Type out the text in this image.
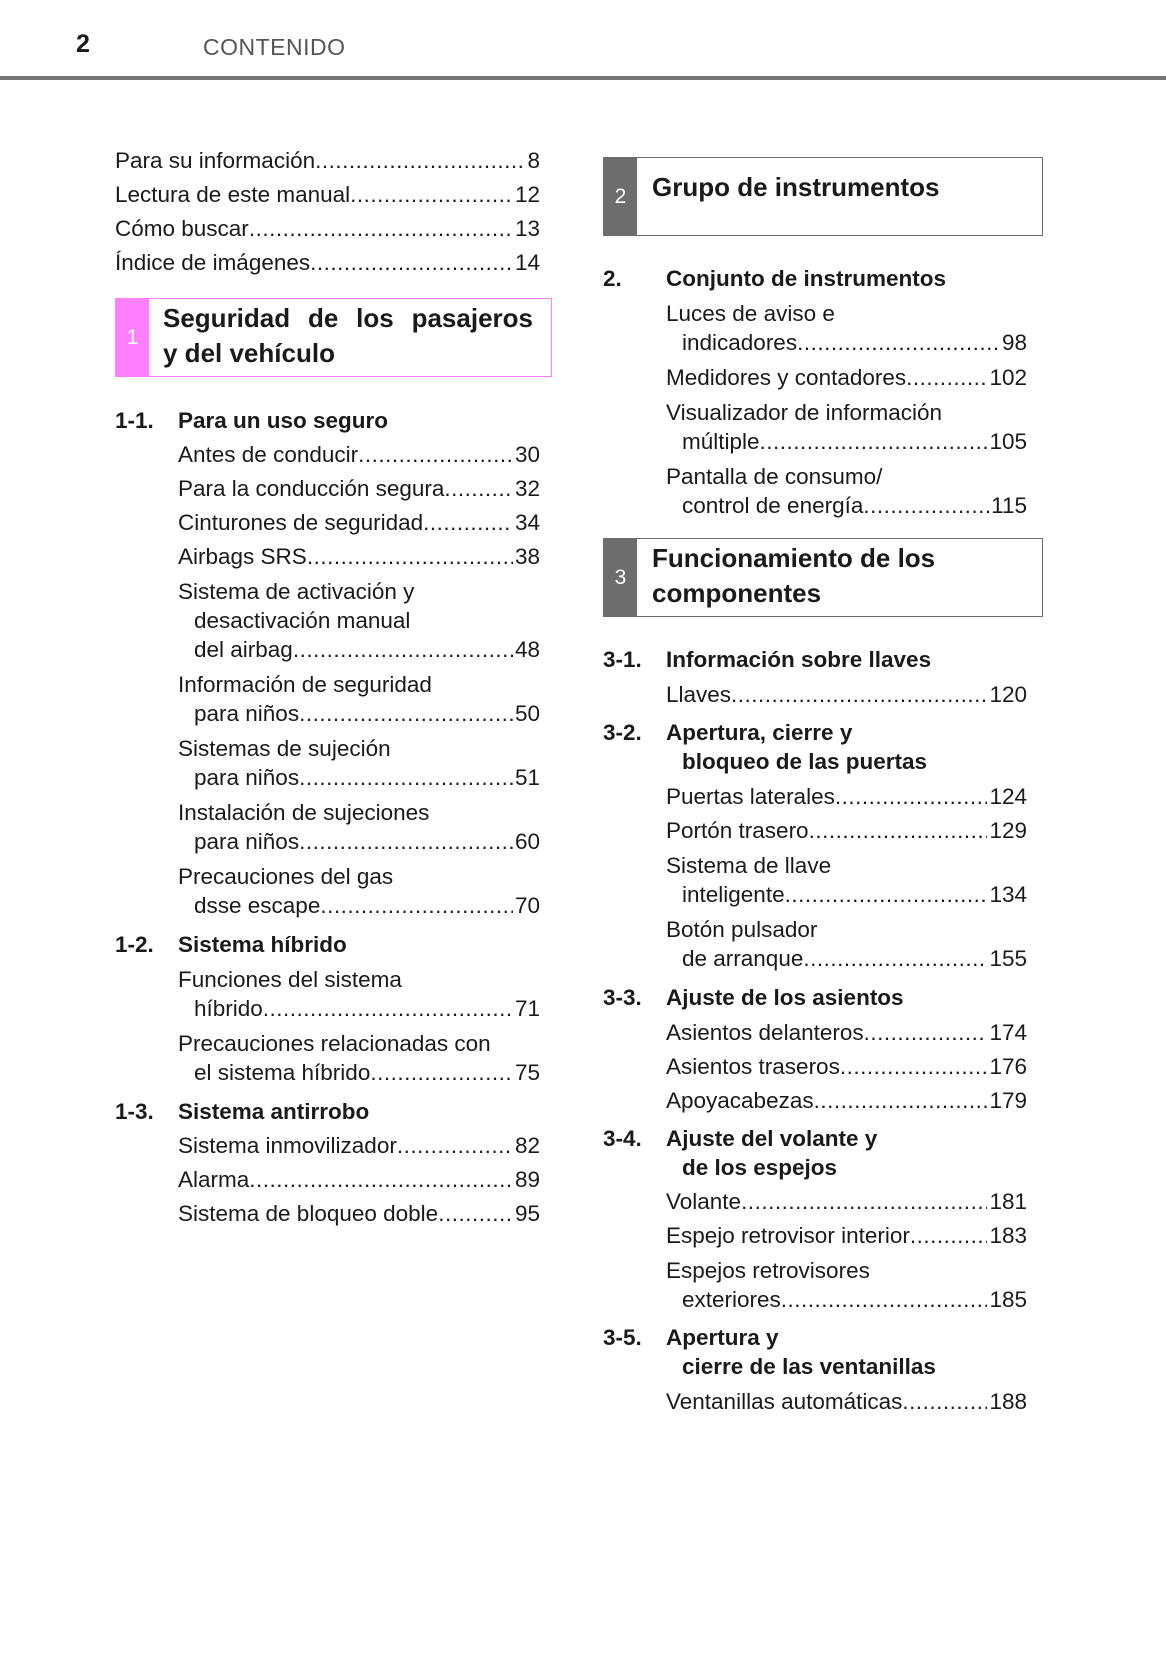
2	CONTENIDO
Para su información .....	8
Lectura de este manual .....	12
Cómo buscar .....	13
Índice de imágenes .....	14
1
Seguridad de los pasajeros
y del vehículo
1-1. Para un uso seguro
Antes de conducir .....	30
Para la conducción segura .....	32
Cinturones de seguridad .....	34
Airbags SRS .....	38
Sistema de activación y
desactivación manual
del airbag .....	48
Información de seguridad
para niños .....	50
Sistemas de sujeción
para niños .....	51
Instalación de sujeciones
para niños .....	60
Precauciones del gas
dsse escape .....	70
1-2. Sistema híbrido
Funciones del sistema
híbrido .....	71
Precauciones relacionadas con
el sistema híbrido .....	75
1-3. Sistema antirrobo
Sistema inmovilizador .....	82
Alarma .....	89
Sistema de bloqueo doble .....	95
2 Grupo de instrumentos
2. Conjunto de instrumentos
Luces de aviso e
indicadores .....	98
Medidores y contadores .....	102
Visualizador de información
múltiple .....	105
Pantalla de consumo/
control de energía .....	115
3
Funcionamiento de los
componentes
3-1. Información sobre llaves
Llaves .....	120
3-2. Apertura, cierre y
bloqueo de las puertas
Puertas laterales .....	124
Portón trasero .....	129
Sistema de llave
inteligente .....	134
Botón pulsador
de arranque .....	155
3-3. Ajuste de los asientos
Asientos delanteros .....	174
Asientos traseros .....	176
Apoyacabezas .....	179
3-4. Ajuste del volante y
de los espejos
Volante .....	181
Espejo retrovisor interior .....	183
Espejos retrovisores
exteriores .....	185
3-5. Apertura y
cierre de las ventanillas
Ventanillas automáticas .....	188
